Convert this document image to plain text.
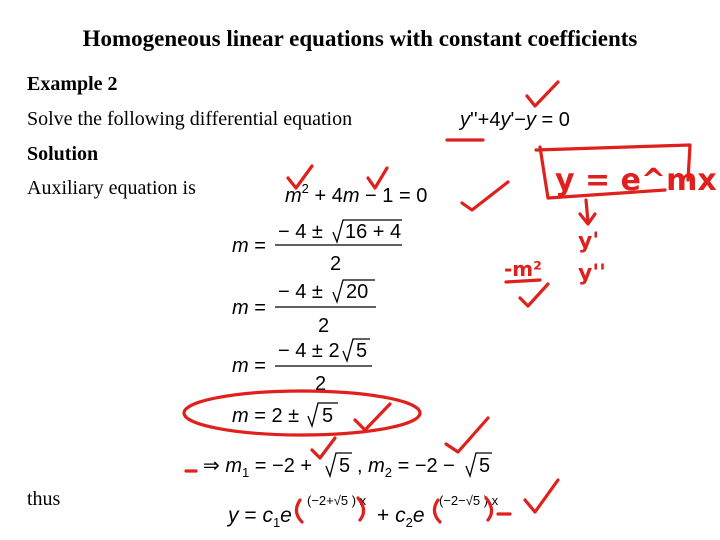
Homogeneous linear equations with constant coefficients
Example 2
Solve the following differential equation
Solution
Auxiliary equation is
thus
y''+4y'−y = 0
$m^2 + 4m - 1 = 0$
m =
− 4 ± 16 + 4
2
m =
− 4 ± 20
2
m =
− 4 ± 2 5
2
m = 2 ± 5
⇒ $m_1 = -2 + 5$ , $m_2 = -2 - 5$
$y = c_1e$
(−2+√5 ) x
+ $c_2e$
(−2−√5 ) x
y = e^mx
y'
y''
-m²
